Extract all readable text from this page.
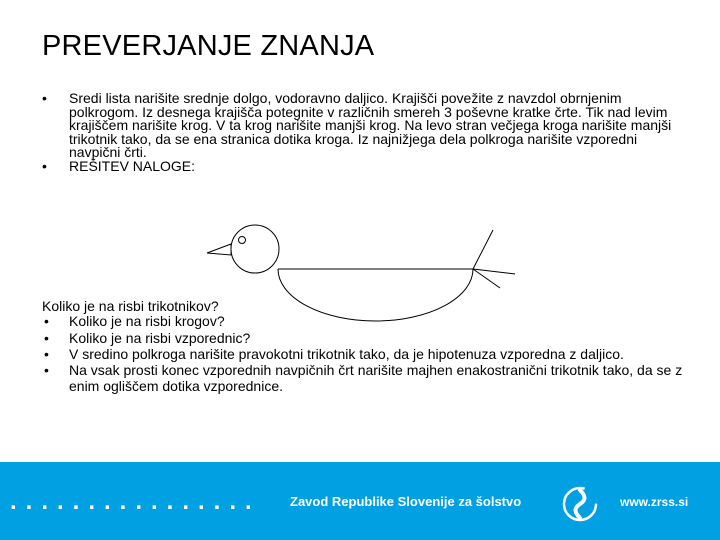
PREVERJANJE ZNANJA
• Sredi lista narišite srednje dolgo, vodoravno daljico. Krajišči povežite z navzdol obrnjenim polkrogom. Iz desnega krajišča potegnite v različnih smereh 3 poševne kratke črte. Tik nad levim krajiščem narišite krog. V ta krog narišite manjši krog. Na levo stran večjega kroga narišite manjši trikotnik tako, da se ena stranica dotika kroga. Iz najnižjega dela polkroga narišite vzporedni navpični črti.
• REŠITEV NALOGE:

Koliko je na risbi trikotnikov?

• Koliko je na risbi krogov?
• Koliko je na risbi vzporednic?
• V sredino polkroga narišite pravokotni trikotnik tako, da je hipotenuza vzporedna z daljico.
• Na vsak prosti konec vzporednih navpičnih črt narišite majhen enakostranični trikotnik tako, da se z enim ogliščem dotika vzporednice.
................ Zavod Republike Slovenije za šolstvo	www.zrss.si
